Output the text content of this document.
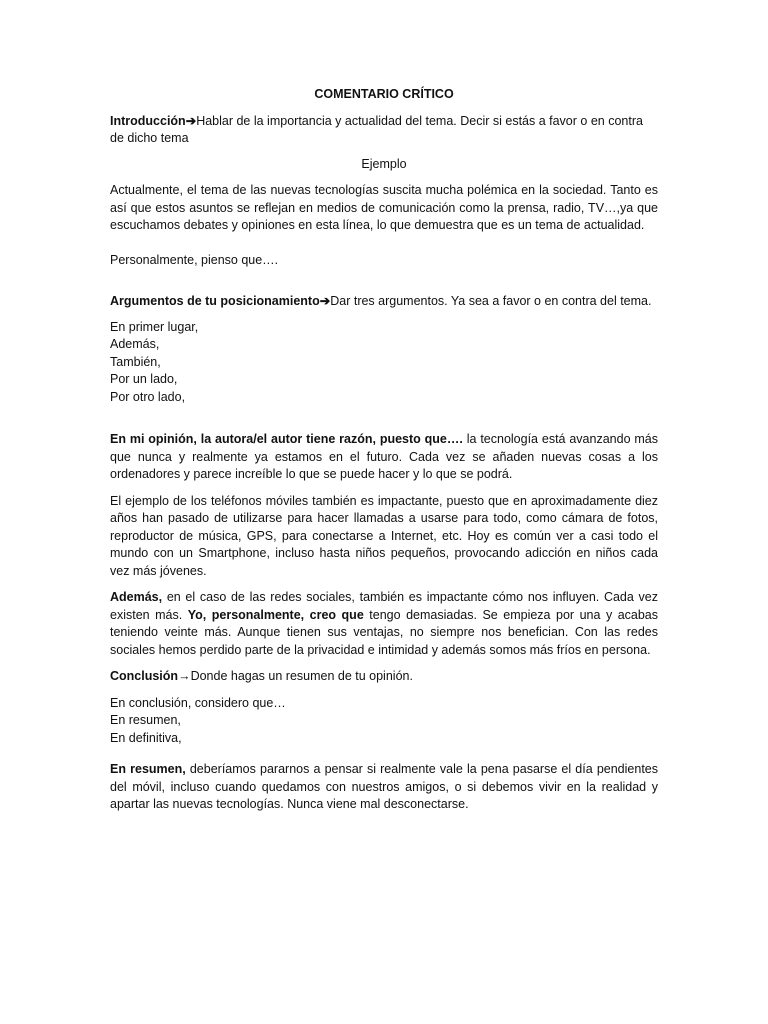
COMENTARIO CRÍTICO

Introducción➔Hablar de la importancia y actualidad del tema. Decir si estás a favor o en contra de dicho tema

Ejemplo

Actualmente, el tema de las nuevas tecnologías suscita mucha polémica en la sociedad. Tanto es así que estos asuntos se reflejan en medios de comunicación como la prensa, radio, TV…,ya que escuchamos debates y opiniones en esta línea, lo que demuestra que es un tema de actualidad.

Personalmente, pienso que….

Argumentos de tu posicionamiento➔Dar tres argumentos. Ya sea a favor o en contra del tema.

En primer lugar,
Además,
También,
Por un lado,
Por otro lado,

En mi opinión, la autora/el autor tiene razón, puesto que…. la tecnología está avanzando más que nunca y realmente ya estamos en el futuro. Cada vez se añaden nuevas cosas a los ordenadores y parece increíble lo que se puede hacer y lo que se podrá.

El ejemplo de los teléfonos móviles también es impactante, puesto que en aproximadamente diez años han pasado de utilizarse para hacer llamadas a usarse para todo, como cámara de fotos, reproductor de música, GPS, para conectarse a Internet, etc. Hoy es común ver a casi todo el mundo con un Smartphone, incluso hasta niños pequeños, provocando adicción en niños cada vez más jóvenes.

Además, en el caso de las redes sociales, también es impactante cómo nos influyen. Cada vez existen más. Yo, personalmente, creo que tengo demasiadas. Se empieza por una y acabas teniendo veinte más. Aunque tienen sus ventajas, no siempre nos benefician. Con las redes sociales hemos perdido parte de la privacidad e intimidad y además somos más fríos en persona.

Conclusión→Donde hagas un resumen de tu opinión.

En conclusión, considero que…
En resumen,
En definitiva,

En resumen, deberíamos pararnos a pensar si realmente vale la pena pasarse el día pendientes del móvil, incluso cuando quedamos con nuestros amigos, o si debemos vivir en la realidad y apartar las nuevas tecnologías. Nunca viene mal desconectarse.
